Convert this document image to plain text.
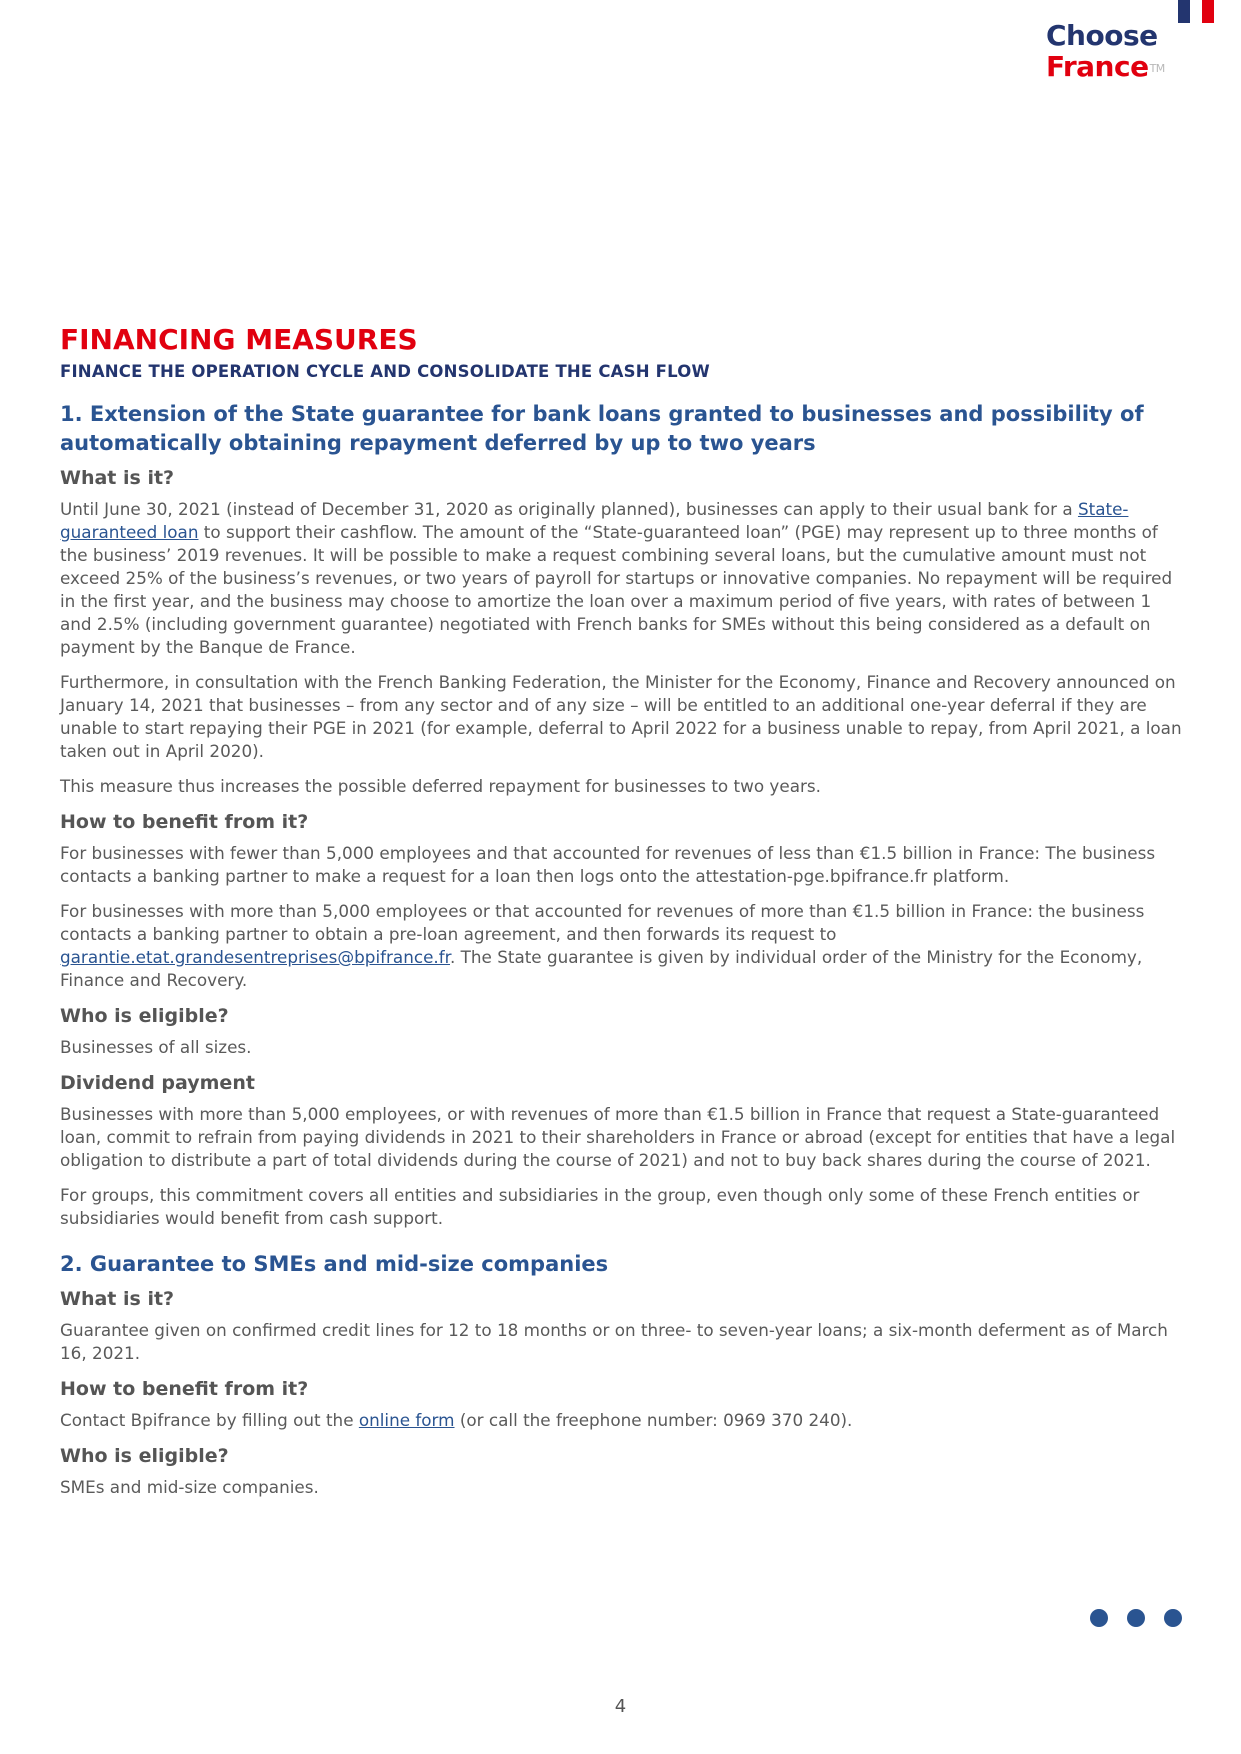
Choose
France™
FINANCING MEASURES
FINANCE THE OPERATION CYCLE AND CONSOLIDATE THE CASH FLOW
1. Extension of the State guarantee for bank loans granted to businesses and possibility of automatically obtaining repayment deferred by up to two years
What is it?

Until June 30, 2021 (instead of December 31, 2020 as originally planned), businesses can apply to their usual bank for a State-guaranteed loan to support their cashflow. The amount of the “State-guaranteed loan” (PGE) may represent up to three months of the business’ 2019 revenues. It will be possible to make a request combining several loans, but the cumulative amount must not exceed 25% of the business’s revenues, or two years of payroll for startups or innovative companies. No repayment will be required in the first year, and the business may choose to amortize the loan over a maximum period of five years, with rates of between 1 and 2.5% (including government guarantee) negotiated with French banks for SMEs without this being considered as a default on payment by the Banque de France.

Furthermore, in consultation with the French Banking Federation, the Minister for the Economy, Finance and Recovery announced on January 14, 2021 that businesses – from any sector and of any size – will be entitled to an additional one-year deferral if they are unable to start repaying their PGE in 2021 (for example, deferral to April 2022 for a business unable to repay, from April 2021, a loan taken out in April 2020).

This measure thus increases the possible deferred repayment for businesses to two years.

How to benefit from it?

For businesses with fewer than 5,000 employees and that accounted for revenues of less than €1.5 billion in France: The business contacts a banking partner to make a request for a loan then logs onto the attestation-pge.bpifrance.fr platform.

For businesses with more than 5,000 employees or that accounted for revenues of more than €1.5 billion in France: the business contacts a banking partner to obtain a pre-loan agreement, and then forwards its request to garantie.etat.grandesentreprises@bpifrance.fr. The State guarantee is given by individual order of the Ministry for the Economy, Finance and Recovery.

Who is eligible?

Businesses of all sizes.

Dividend payment

Businesses with more than 5,000 employees, or with revenues of more than €1.5 billion in France that request a State-guaranteed loan, commit to refrain from paying dividends in 2021 to their shareholders in France or abroad (except for entities that have a legal obligation to distribute a part of total dividends during the course of 2021) and not to buy back shares during the course of 2021.

For groups, this commitment covers all entities and subsidiaries in the group, even though only some of these French entities or subsidiaries would benefit from cash support.

2. Guarantee to SMEs and mid-size companies
What is it?

Guarantee given on confirmed credit lines for 12 to 18 months or on three- to seven-year loans; a six-month deferment as of March 16, 2021.

How to benefit from it?

Contact Bpifrance by filling out the online form (or call the freephone number: 0969 370 240).

Who is eligible?

SMEs and mid-size companies.

4
